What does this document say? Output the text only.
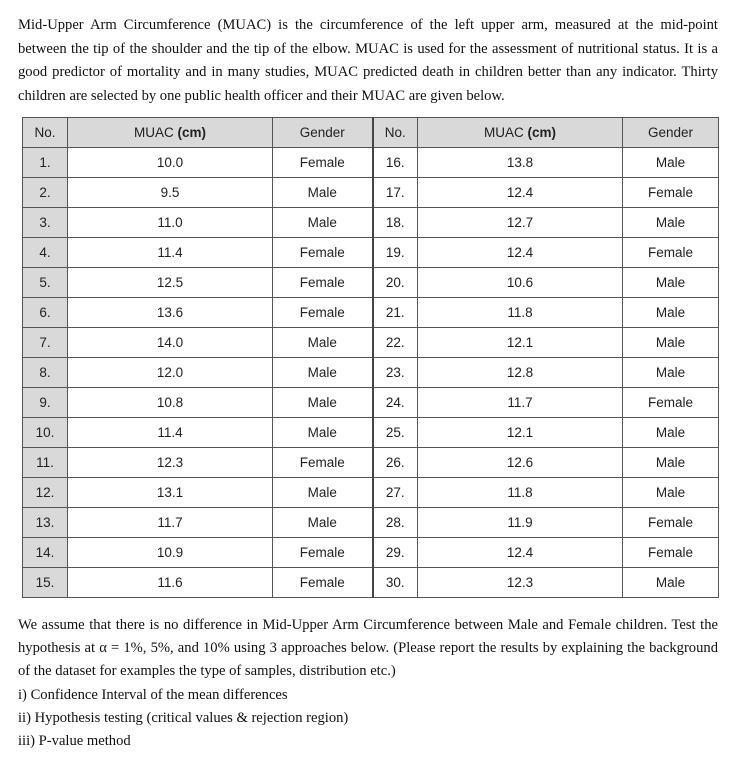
Mid-Upper Arm Circumference (MUAC) is the circumference of the left upper arm, measured at the mid-point between the tip of the shoulder and the tip of the elbow. MUAC is used for the assessment of nutritional status. It is a good predictor of mortality and in many studies, MUAC predicted death in children better than any indicator. Thirty children are selected by one public health officer and their MUAC are given below.
No.	MUAC (cm)	Gender	No.	MUAC (cm)	Gender
1.	10.0	Female	16.	13.8	Male
2.	9.5	Male	17.	12.4	Female
3.	11.0	Male	18.	12.7	Male
4.	11.4	Female	19.	12.4	Female
5.	12.5	Female	20.	10.6	Male
6.	13.6	Female	21.	11.8	Male
7.	14.0	Male	22.	12.1	Male
8.	12.0	Male	23.	12.8	Male
9.	10.8	Male	24.	11.7	Female
10.	11.4	Male	25.	12.1	Male
11.	12.3	Female	26.	12.6	Male
12.	13.1	Male	27.	11.8	Male
13.	11.7	Male	28.	11.9	Female
14.	10.9	Female	29.	12.4	Female
15.	11.6	Female	30.	12.3	Male

We assume that there is no difference in Mid-Upper Arm Circumference between Male and Female children. Test the hypothesis at α = 1%, 5%, and 10% using 3 approaches below. (Please report the results by explaining the background of the dataset for examples the type of samples, distribution etc.)

i) Confidence Interval of the mean differences

ii) Hypothesis testing (critical values & rejection region)

iii) P-value method
